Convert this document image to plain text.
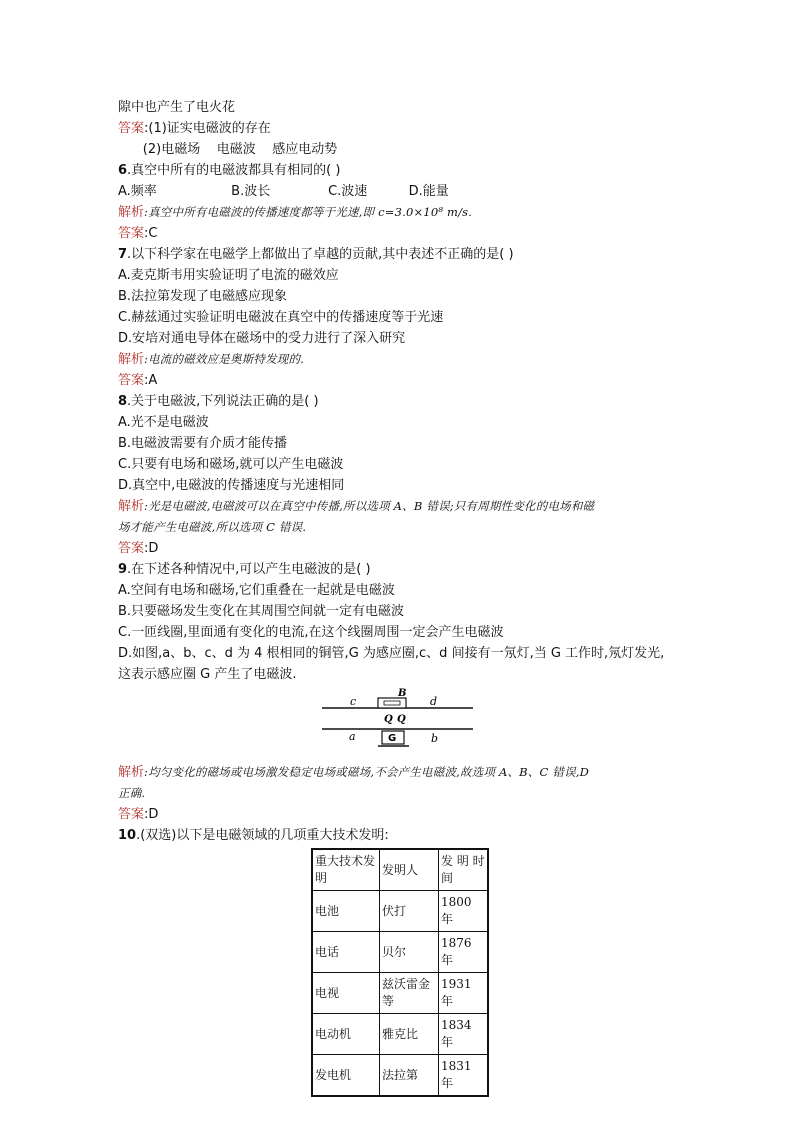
隙中也产生了电火花
答案:(1)证实电磁波的存在
(2)电磁场    电磁波    感应电动势
6.真空中所有的电磁波都具有相同的( )
A.频率                  B.波长              C.波速          D.能量
解析:真空中所有电磁波的传播速度都等于光速,即 c=3.0×10⁸ m/s.
答案:C
7.以下科学家在电磁学上都做出了卓越的贡献,其中表述不正确的是( )
A.麦克斯韦用实验证明了电流的磁效应
B.法拉第发现了电磁感应现象
C.赫兹通过实验证明电磁波在真空中的传播速度等于光速
D.安培对通电导体在磁场中的受力进行了深入研究
解析:电流的磁效应是奥斯特发现的.
答案:A
8.关于电磁波,下列说法正确的是( )
A.光不是电磁波
B.电磁波需要有介质才能传播
C.只要有电场和磁场,就可以产生电磁波
D.真空中,电磁波的传播速度与光速相同
解析:光是电磁波,电磁波可以在真空中传播,所以选项 A、B 错误;只有周期性变化的电场和磁
场才能产生电磁波,所以选项 C 错误.
答案:D
9.在下述各种情况中,可以产生电磁波的是( )
A.空间有电场和磁场,它们重叠在一起就是电磁波
B.只要磁场发生变化在其周围空间就一定有电磁波
C.一匝线圈,里面通有变化的电流,在这个线圈周围一定会产生电磁波
D.如图,a、b、c、d 为 4 根相同的铜管,G 为感应圈,c、d 间接有一氖灯,当 G 工作时,氖灯发光,
这表示感应圈 G 产生了电磁波.
c	d
a	b
B
Q Q
G
解析:均匀变化的磁场或电场激发稳定电场或磁场,不会产生电磁波,故选项 A、B、C 错误,D
正确.
答案:D
10.(双选)以下是电磁领域的几项重大技术发明:
重大技术发明	发明人	发 明 时间
电池	伏打	1800 年
电话	贝尔	1876 年
电视	兹沃雷金等	1931 年
电动机	雅克比	1834 年
发电机	法拉第	1831 年
